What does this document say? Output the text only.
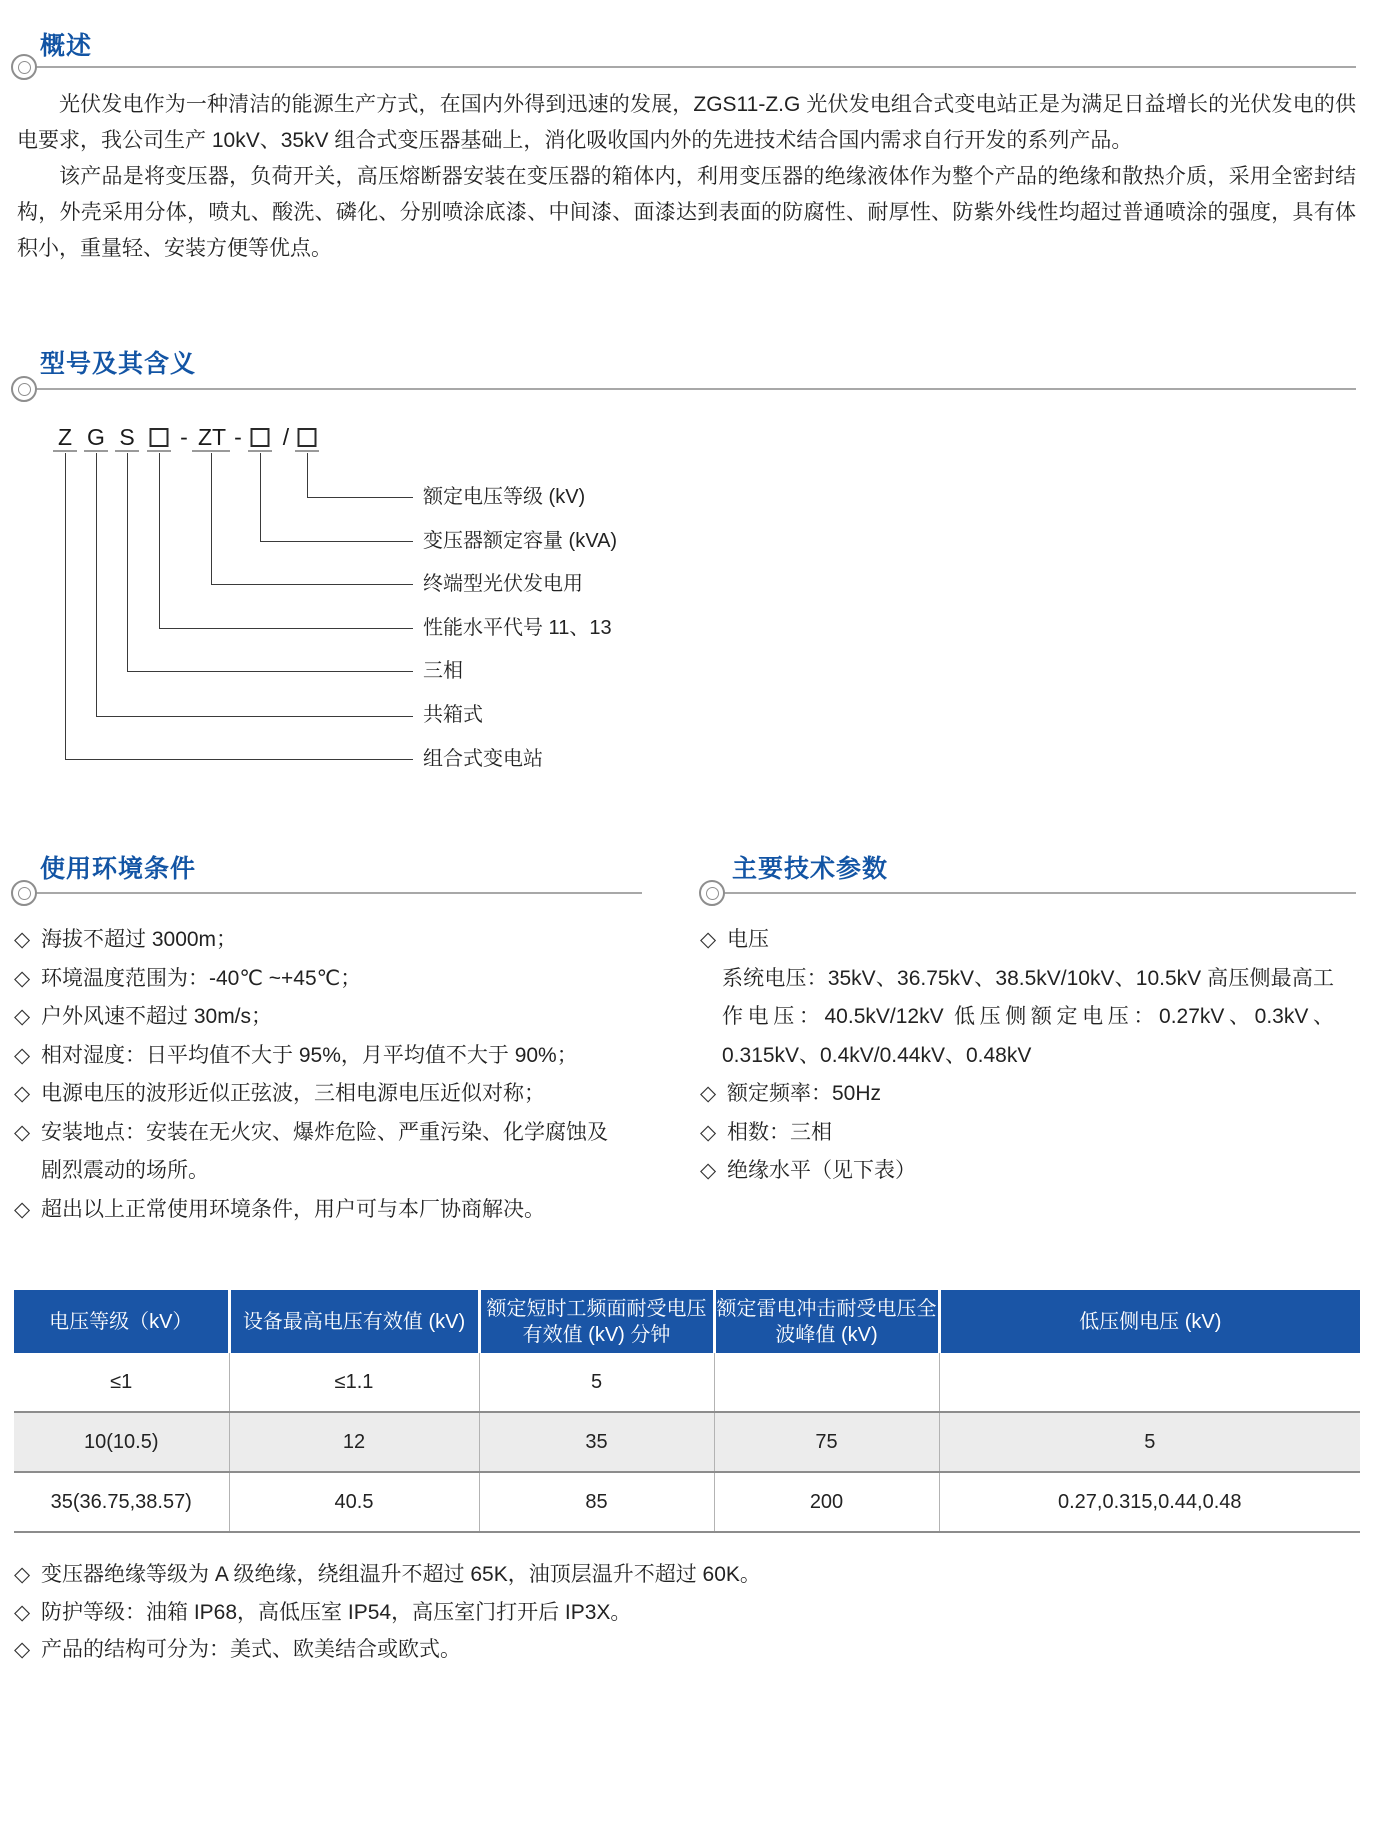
概述

光伏发电作为一种清洁的能源生产方式，在国内外得到迅速的发展，ZGS11-Z.G 光伏发电组合式变电站正是为满足日益增长的光伏发电的供电要求，我公司生产 10kV、35kV 组合式变压器基础上，消化吸收国内外的先进技术结合国内需求自行开发的系列产品。

该产品是将变压器，负荷开关，高压熔断器安装在变压器的箱体内，利用变压器的绝缘液体作为整个产品的绝缘和散热介质，采用全密封结构，外壳采用分体，喷丸、酸洗、磷化、分别喷涂底漆、中间漆、面漆达到表面的防腐性、耐厚性、防紫外线性均超过普通喷涂的强度，具有体积小，重量轻、安装方便等优点。

型号及其含义
Z G S - ZT - /
额定电压等级 (kV)
变压器额定容量 (kVA)
终端型光伏发电用
性能水平代号 11、13
三相
共箱式
组合式变电站
使用环境条件
◇ 海拔不超过 3000m；
◇ 环境温度范围为：-40℃ ~+45℃；
◇ 户外风速不超过 30m/s；
◇ 相对湿度：日平均值不大于 95%，月平均值不大于 90%；
◇ 电源电压的波形近似正弦波，三相电源电压近似对称；
◇ 安装地点：安装在无火灾、爆炸危险、严重污染、化学腐蚀及剧烈震动的场所。
◇ 超出以上正常使用环境条件，用户可与本厂协商解决。
主要技术参数
◇ 电压
系统电压：35kV、36.75kV、38.5kV/10kV、10.5kV 高压侧最高工作电压：40.5kV/12kV 低压侧额定电压：0.27kV、0.3kV、0.315kV、0.4kV/0.44kV、0.48kV
◇ 额定频率：50Hz
◇ 相数：三相
◇ 绝缘水平（见下表）
电压等级（kV）	设备最高电压有效值 (kV)	额定短时工频面耐受电压有效值 (kV) 分钟	额定雷电冲击耐受电压全波峰值 (kV)	低压侧电压 (kV)
≤1	≤1.1	5		
10(10.5)	12	35	75	5
35(36.75,38.57)	40.5	85	200	0.27,0.315,0.44,0.48
◇ 变压器绝缘等级为 A 级绝缘，绕组温升不超过 65K，油顶层温升不超过 60K。
◇ 防护等级：油箱 IP68，高低压室 IP54，高压室门打开后 IP3X。
◇ 产品的结构可分为：美式、欧美结合或欧式。
